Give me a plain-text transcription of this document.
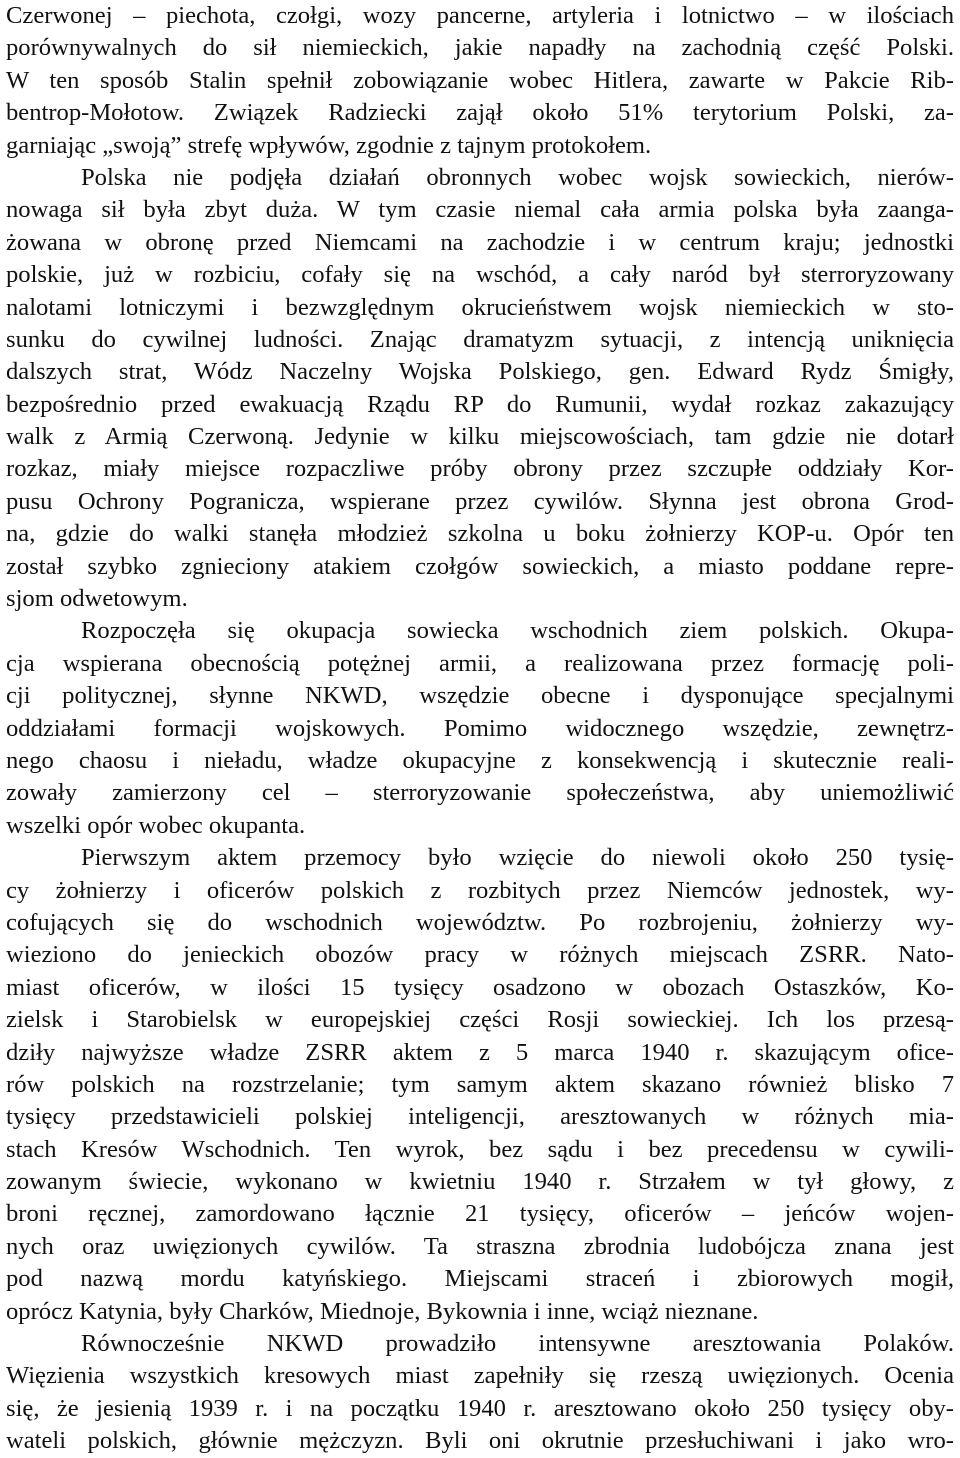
Czerwonej – piechota, czołgi, wozy pancerne, artyleria i lotnictwo – w ilościach
porównywalnych do sił niemieckich, jakie napadły na zachodnią część Polski.
W ten sposób Stalin spełnił zobowiązanie wobec Hitlera, zawarte w Pakcie Rib-
bentrop-Mołotow. Związek Radziecki zajął około 51% terytorium Polski, za-
garniając „swoją” strefę wpływów, zgodnie z tajnym protokołem.
Polska nie podjęła działań obronnych wobec wojsk sowieckich, nierów-
nowaga sił była zbyt duża. W tym czasie niemal cała armia polska była zaanga-
żowana w obronę przed Niemcami na zachodzie i w centrum kraju; jednostki
polskie, już w rozbiciu, cofały się na wschód, a cały naród był sterroryzowany
nalotami lotniczymi i bezwzględnym okrucieństwem wojsk niemieckich w sto-
sunku do cywilnej ludności. Znając dramatyzm sytuacji, z intencją uniknięcia
dalszych strat, Wódz Naczelny Wojska Polskiego, gen. Edward Rydz Śmigły,
bezpośrednio przed ewakuacją Rządu RP do Rumunii, wydał rozkaz zakazujący
walk z Armią Czerwoną. Jedynie w kilku miejscowościach, tam gdzie nie dotarł
rozkaz, miały miejsce rozpaczliwe próby obrony przez szczupłe oddziały Kor-
pusu Ochrony Pogranicza, wspierane przez cywilów. Słynna jest obrona Grod-
na, gdzie do walki stanęła młodzież szkolna u boku żołnierzy KOP-u. Opór ten
został szybko zgnieciony atakiem czołgów sowieckich, a miasto poddane repre-
sjom odwetowym.
Rozpoczęła się okupacja sowiecka wschodnich ziem polskich. Okupa-
cja wspierana obecnością potężnej armii, a realizowana przez formację poli-
cji politycznej, słynne NKWD, wszędzie obecne i dysponujące specjalnymi
oddziałami formacji wojskowych. Pomimo widocznego wszędzie, zewnętrz-
nego chaosu i nieładu, władze okupacyjne z konsekwencją i skutecznie reali-
zowały zamierzony cel – sterroryzowanie społeczeństwa, aby uniemożliwić
wszelki opór wobec okupanta.
Pierwszym aktem przemocy było wzięcie do niewoli około 250 tysię-
cy żołnierzy i oficerów polskich z rozbitych przez Niemców jednostek, wy-
cofujących się do wschodnich województw. Po rozbrojeniu, żołnierzy wy-
wieziono do jenieckich obozów pracy w różnych miejscach ZSRR. Nato-
miast oficerów, w ilości 15 tysięcy osadzono w obozach Ostaszków, Ko-
zielsk i Starobielsk w europejskiej części Rosji sowieckiej. Ich los przesą-
dziły najwyższe władze ZSRR aktem z 5 marca 1940 r. skazującym ofice-
rów polskich na rozstrzelanie; tym samym aktem skazano również blisko 7
tysięcy przedstawicieli polskiej inteligencji, aresztowanych w różnych mia-
stach Kresów Wschodnich. Ten wyrok, bez sądu i bez precedensu w cywili-
zowanym świecie, wykonano w kwietniu 1940 r. Strzałem w tył głowy, z
broni ręcznej, zamordowano łącznie 21 tysięcy, oficerów – jeńców wojen-
nych oraz uwięzionych cywilów. Ta straszna zbrodnia ludobójcza znana jest
pod nazwą mordu katyńskiego. Miejscami straceń i zbiorowych mogił,
oprócz Katynia, były Charków, Miednoje, Bykownia i inne, wciąż nieznane.
Równocześnie NKWD prowadziło intensywne aresztowania Polaków.
Więzienia wszystkich kresowych miast zapełniły się rzeszą uwięzionych. Ocenia
się, że jesienią 1939 r. i na początku 1940 r. aresztowano około 250 tysięcy oby-
wateli polskich, głównie mężczyzn. Byli oni okrutnie przesłuchiwani i jako wro-
